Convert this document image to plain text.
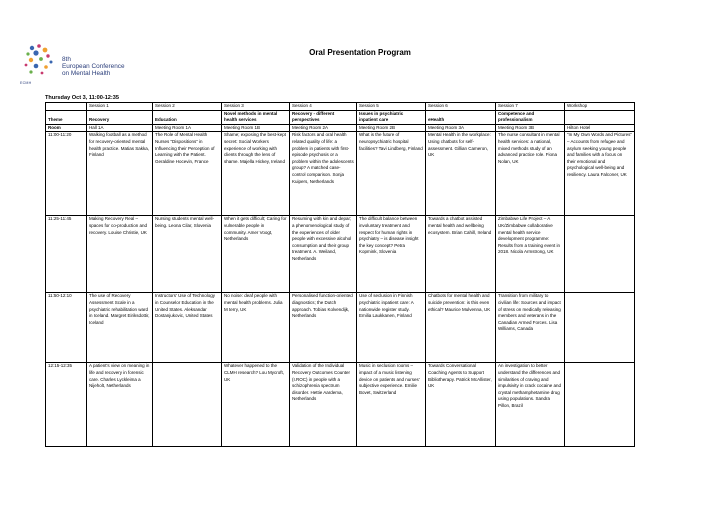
8th
European Conference
on Mental Health
ECMH
Oral Presentation Program
Thursday Oct 3, 11:00-12:35
	Session 1	Session 2	Session 3	Session 4	Session 5	Session 6	Session 7	Workshop
Theme	Recovery	Education	Novel methods in mental health services	Recovery - different perspectives	Issues in psychiatric inpatient care	eHealth	Competence and professionalism	
Room	Hall 1A	Meeting Room 1A	Meeting Room 1B	Meeting Room 2A	Meeting Room 2B	Meeting Room 3A	Meeting Room 3B	Hilton Hotel
11:00-11:20	Walking football as a method for recovery-oriented mental health practice. Matias Sakka, Finland	The Role of Mental Health Nurses “Dispositions” in Influencing their Perception of Learning with the Patient. Geraldine Hocevin, France	Shame; exposing the best-kept secret: Social Workers experience of working with clients through the lens of shame. Majella Hickey, Ireland	Risk factors and oral health related quality of life: a problem in patients with first-episode psychosis or a problem within the adolescents group? A matched case-control comparison. Sonja Kuipers, Netherlands	What is the future of neuropsychiatric hospital facilities? Tavi Lindberg, Finland	Mental Health in the workplace: Using chatbots for self-assessment. Gillian Cameron, UK	The nurse consultant in mental health services: a national, mixed methods study of an advanced practice role. Fiona Nolan, UK	“In My Own Words and Pictures” – Accounts from refugee and asylum seeking young people and families with a focus on their emotional and psychological well-being and resiliency. Laura Falconer, UK
11:25-11:45	Making Recovery Real – spaces for co-production and recovery. Louise Christie, UK	Nursing students mental well-being. Leona Cilar, Slovenia	When it gets difficult; Caring for vulnerable people in community. Amer Voogt, Netherlands	Resuming with kin and depar; a phenomenological study of the experiences of older people with excessive alcohol consumption and their group treatment. A. Weiland, Netherlands	The difficult balance between involuntary treatment and respect for human rights in psychiatry – is disease insight the key concept? Petra Kopmink, Slovenia	Towards a chatbot assisted mental health and wellbeing ecosystem. Brian Cahill, Ireland	Zimbabwe Life Project – A UK/Zimbabwe collaborative mental health service development programme: Results from a training event in 2018. Nicola Armstrong, UK	
11:50-12:10	The use of Recovery Assessment Scale in a psychiatric rehabilitation ward in Iceland. Margret Eiriksdottir, Iceland	Instructors' Use of Technology in Counselor Education in the United States. Aleksandar Dostanjukovic, United States	No noise: deaf people with mental health problems. Julia M terry, UK	Personalised function-oriented diagnostics; the Dutch approach. Tobias Kolvendijk, Netherlands	Use of seclusion in Finnish psychiatric inpatient care: A nationwide register study. Emilia Laukkanen, Finland	Chatbots for mental health and suicide prevention: is this even ethical? Maurice Mulvenna, UK	Transition from military to civilian life: Sources and impact of stress on medically releasing members and veterans in the Canadian Armed Forces. Lisa Williams, Canada	
12:15-12:35	A patient's view on meaning in life and recovery in forensic care. Charles Lyckleima a Nijeholt, Netherlands		Whatever happened to the CLMH research? Lou Mycroft, UK	Validation of the Individual Recovery Outcomes Counter (I.ROC) in people with a schizophrenia spectrum disorder. Hettie Aardema, Netherlands	Music in seclusion rooms – impact of a music listening device on patients and nurses' subjective experience. Emilie Bovet, Switzerland	Towards Conversational Coaching Agents to Support Bibliotherapy. Patrick McAllister, UK	An investigation to better understand the differences and similarities of craving and impulsivity in crack cocaine and crystal methamphetamine drug using populations. Sandra Pillon, Brazil	
